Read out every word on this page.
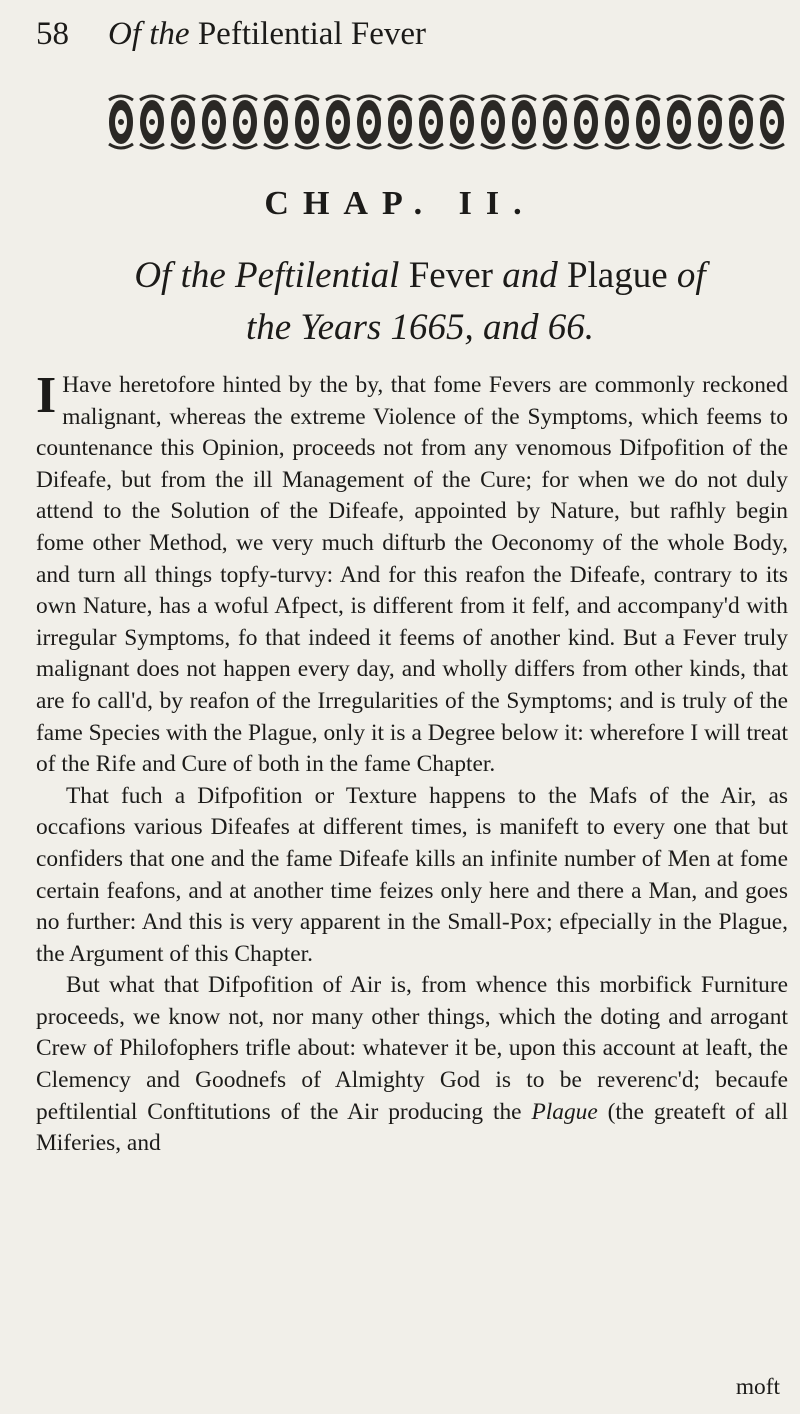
58 Of the Peftilential Fever
CHAP. II.
Of the Peftilential Fever and Plague of
the Years 1665, and 66.

I Have heretofore hinted by the by, that fome Fevers are commonly reckoned malignant, whereas the extreme Violence of the Symptoms, which feems to countenance this Opinion, proceeds not from any venomous Difpofition of the Difeafe, but from the ill Management of the Cure; for when we do not duly attend to the Solution of the Difeafe, appointed by Nature, but rafhly begin fome other Method, we very much difturb the Oeconomy of the whole Body, and turn all things topfy-turvy: And for this reafon the Difeafe, contrary to its own Nature, has a woful Afpect, is different from it felf, and accompany'd with irregular Symptoms, fo that indeed it feems of another kind. But a Fever truly malignant does not happen every day, and wholly differs from other kinds, that are fo call'd, by reafon of the Irregularities of the Symptoms; and is truly of the fame Species with the Plague, only it is a Degree below it: wherefore I will treat of the Rife and Cure of both in the fame Chapter.

That fuch a Difpofition or Texture happens to the Mafs of the Air, as occafions various Difeafes at different times, is manifeft to every one that but confiders that one and the fame Difeafe kills an infinite number of Men at fome certain feafons, and at another time feizes only here and there a Man, and goes no further: And this is very apparent in the Small-Pox; efpecially in the Plague, the Argument of this Chapter.

But what that Difpofition of Air is, from whence this morbifick Furniture proceeds, we know not, nor many other things, which the doting and arrogant Crew of Philofophers trifle about: whatever it be, upon this account at leaft, the Clemency and Goodnefs of Almighty God is to be reverenc'd; becaufe peftilential Conftitutions of the Air producing the Plague (the greateft of all Miferies, and

moft
